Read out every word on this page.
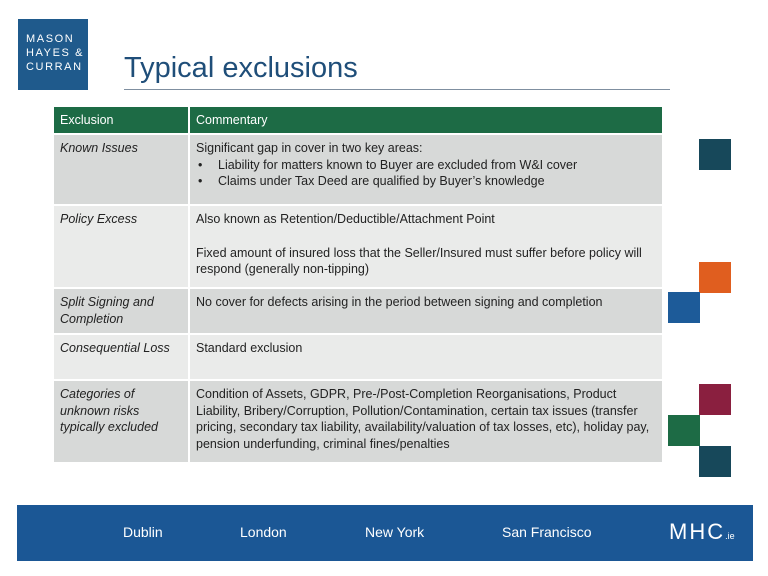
MASON
HAYES &
CURRAN Typical exclusions
Exclusion	Commentary
Known Issues	Significant gap in cover in two key areas:
• Liability for matters known to Buyer are excluded from W&I cover
• Claims under Tax Deed are qualified by Buyer’s knowledge

Policy Excess	Also known as Retention/Deductible/Attachment Point
Fixed amount of insured loss that the Seller/Insured must suffer before policy will respond (generally non-tipping)

Split Signing and Completion	No cover for defects arising in the period between signing and completion
Consequential Loss	Standard exclusion
Categories of unknown risks typically excluded	Condition of Assets, GDPR, Pre-/Post-Completion Reorganisations, Product Liability, Bribery/Corruption, Pollution/Contamination, certain tax issues (transfer pricing, secondary tax liability, availability/valuation of tax losses, etc), holiday pay, pension underfunding, criminal fines/penalties
Dublin	London	New York	San Francisco	MHC.ie
